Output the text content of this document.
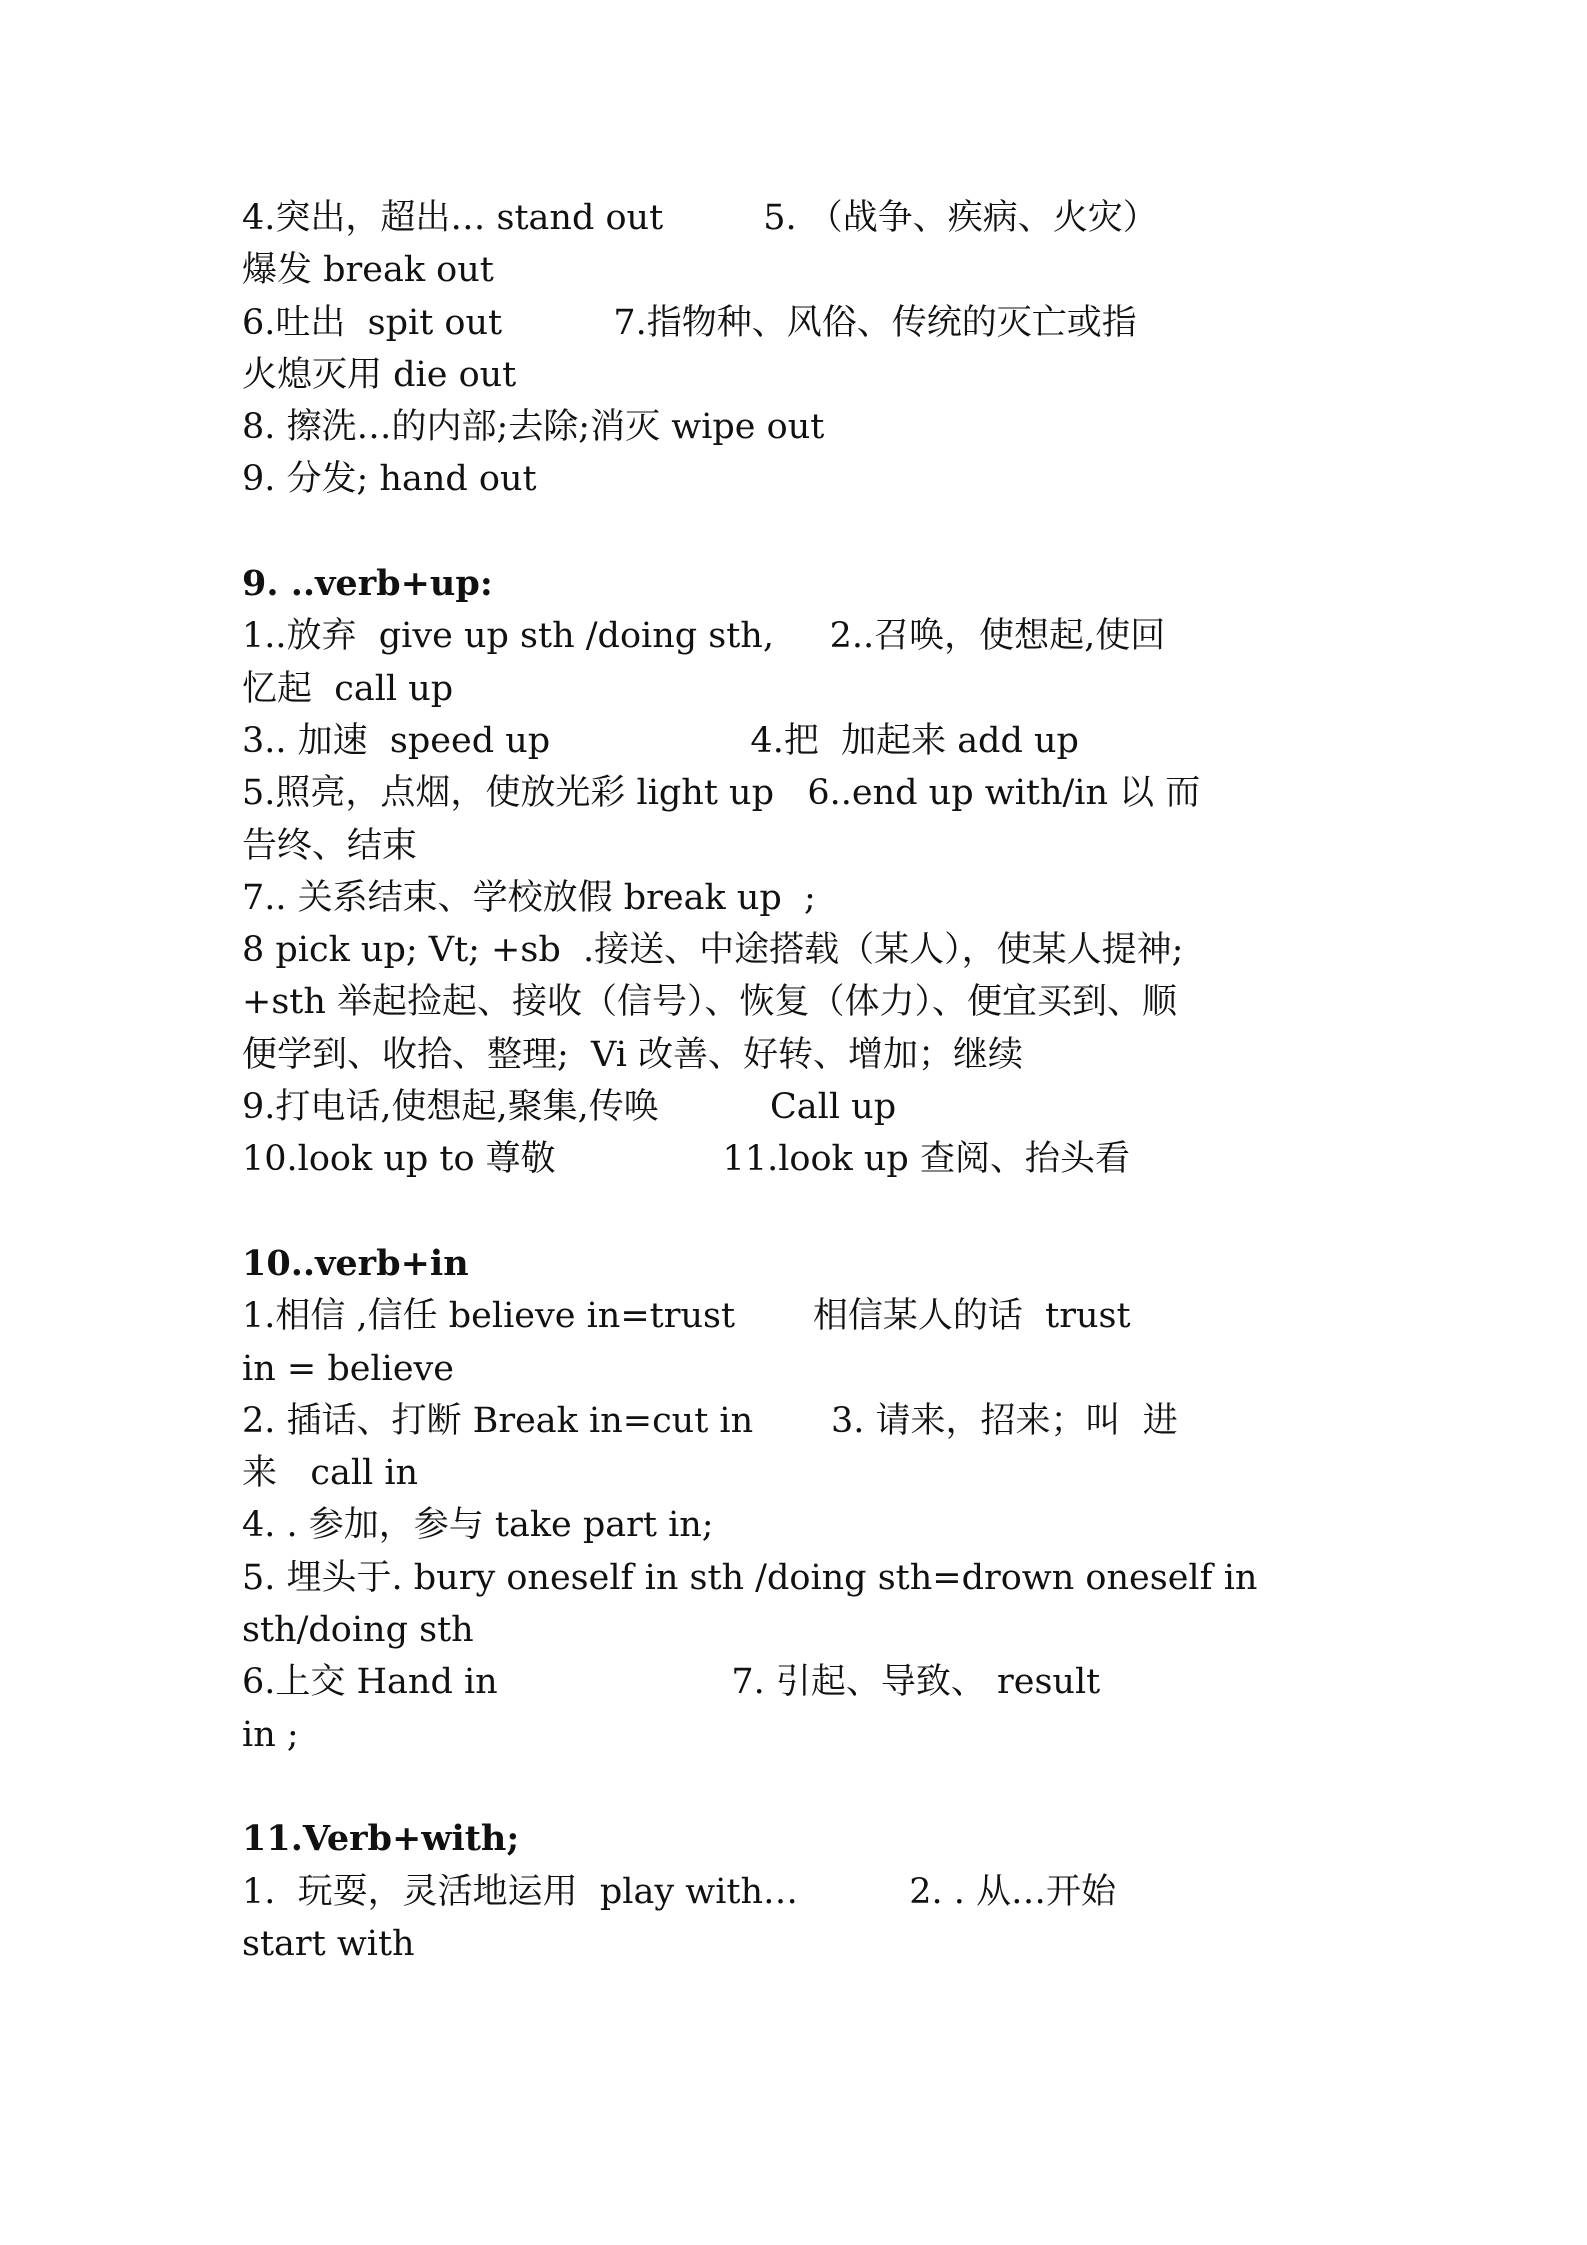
4.突出，超出… stand out         5. （战争、疾病、火灾）
爆发 break out
6.吐出  spit out          7.指物种、风俗、传统的灭亡或指
火熄灭用 die out
8. 擦洗…的内部;去除;消灭 wipe out
9. 分发; hand out
9. ..verb+up:
1..放弃  give up sth /doing sth,     2..召唤，使想起,使回
忆起  call up
3.. 加速  speed up                  4.把  加起来 add up
5.照亮，点烟，使放光彩 light up   6..end up with/in 以 而
告终、结束
7.. 关系结束、学校放假 break up  ;
8 pick up; Vt; +sb  .接送、中途搭载（某人），使某人提神;
+sth 举起捡起、接收（信号）、恢复（体力）、便宜买到、顺
便学到、收拾、整理;  Vi 改善、好转、增加；继续
9.打电话,使想起,聚集,传唤          Call up
10.look up to 尊敬               11.look up 查阅、抬头看
10..verb+in
1.相信 ,信任 believe in=trust       相信某人的话  trust
in = believe
2. 插话、打断 Break in=cut in       3. 请来，招来；叫  进
来   call in
4. . 参加，参与 take part in;
5. 埋头于. bury oneself in sth /doing sth=drown oneself in
sth/doing sth
6.上交 Hand in                     7. 引起、导致、 result
in ;
11.Verb+with;
1.  玩耍，灵活地运用  play with…          2. . 从…开始
start with
